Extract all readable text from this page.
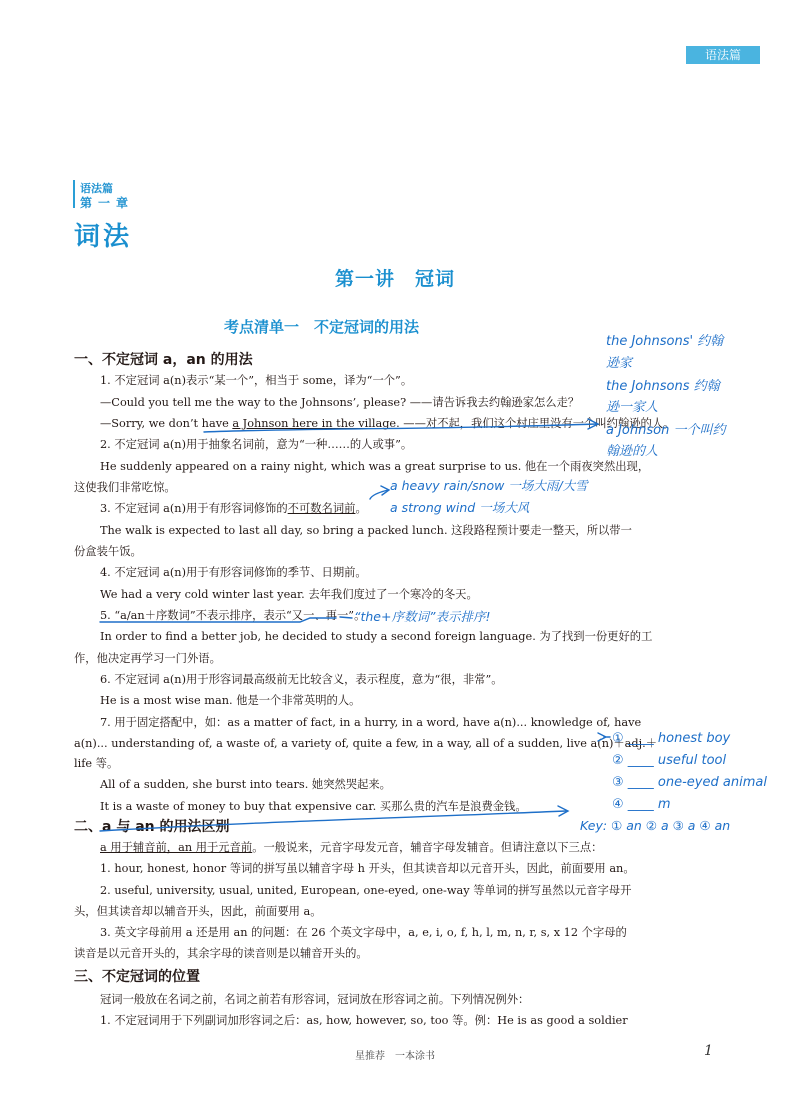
语法篇
语法篇
第一章
词法
第一讲　冠词
考点清单一　不定冠词的用法
一、不定冠词 a，an 的用法
1. 不定冠词 a(n)表示“某一个”，相当于 some，译为“一个”。
—Could you tell me the way to the Johnsons’, please? ——请告诉我去约翰逊家怎么走？
—Sorry, we don’t have a Johnson here in the village. ——对不起，我们这个村庄里没有一个叫约翰逊的人。
2. 不定冠词 a(n)用于抽象名词前，意为“一种……的人或事”。
He suddenly appeared on a rainy night, which was a great surprise to us. 他在一个雨夜突然出现，
这使我们非常吃惊。
3. 不定冠词 a(n)用于有形容词修饰的不可数名词前。
The walk is expected to last all day, so bring a packed lunch. 这段路程预计要走一整天，所以带一
份盒装午饭。
4. 不定冠词 a(n)用于有形容词修饰的季节、日期前。
We had a very cold winter last year. 去年我们度过了一个寒冷的冬天。
5. “a/an＋序数词”不表示排序，表示“又一、再一”。
In order to find a better job, he decided to study a second foreign language. 为了找到一份更好的工
作，他决定再学习一门外语。
6. 不定冠词 a(n)用于形容词最高级前无比较含义，表示程度，意为“很，非常”。
He is a most wise man. 他是一个非常英明的人。
7. 用于固定搭配中，如：as a matter of fact, in a hurry, in a word, have a(n)... knowledge of, have
a(n)... understanding of, a waste of, a variety of, quite a few, in a way, all of a sudden, live a(n)＋adj.＋
life 等。
All of a sudden, she burst into tears. 她突然哭起来。
It is a waste of money to buy that expensive car. 买那么贵的汽车是浪费金钱。
二、a 与 an 的用法区别
a 用于辅音前，an 用于元音前。一般说来，元音字母发元音，辅音字母发辅音。但请注意以下三点：
1. hour, honest, honor 等词的拼写虽以辅音字母 h 开头，但其读音却以元音开头，因此，前面要用 an。
2. useful, university, usual, united, European, one-eyed, one-way 等单词的拼写虽然以元音字母开
头，但其读音却以辅音开头，因此，前面要用 a。
3. 英文字母前用 a 还是用 an 的问题：在 26 个英文字母中，a, e, i, o, f, h, l, m, n, r, s, x 12 个字母的
读音是以元音开头的，其余字母的读音则是以辅音开头的。
三、不定冠词的位置
冠词一般放在名词之前，名词之前若有形容词，冠词放在形容词之前。下列情况例外：
1. 不定冠词用于下列副词加形容词之后：as, how, however, so, too 等。例：He is as good a soldier
the Johnsons' 约翰
逊家
the Johnsons 约翰
逊一家人
a Johnson 一个叫约
翰逊的人
a heavy rain/snow 一场大雨/大雪
a strong wind 一场大风
“the+序数词”表示排序!
① ____ honest boy
② ____ useful tool
③ ____ one-eyed animal
④ ____ m
Key: ① an ② a ③ a ④ an
星推荐　一本涂书	1
